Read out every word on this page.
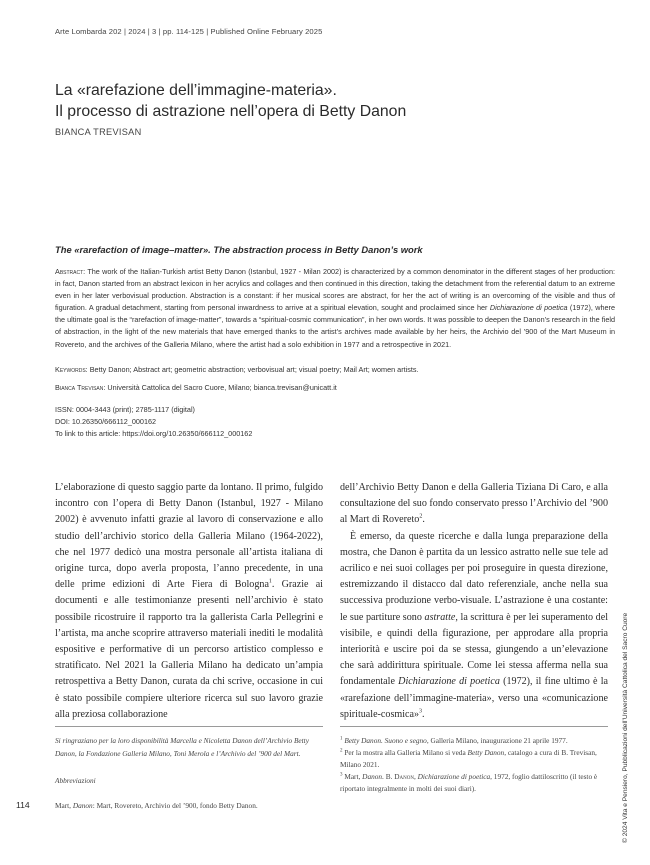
Arte Lombarda 202 | 2024 | 3 | pp. 114-125 | Published Online February 2025
La «rarefazione dell’immagine-materia».
Il processo di astrazione nell’opera di Betty Danon
BIANCA TREVISAN
The «rarefaction of image–matter». The abstraction process in Betty Danon’s work
Abstract: The work of the Italian-Turkish artist Betty Danon (Istanbul, 1927 - Milan 2002) is characterized by a common denominator in the different stages of her production: in fact, Danon started from an abstract lexicon in her acrylics and collages and then continued in this direction, taking the detachment from the referential datum to an extreme even in her later verbovisual production. Abstraction is a constant: if her musical scores are abstract, for her the act of writing is an overcoming of the visible and thus of figuration. A gradual detachment, starting from personal inwardness to arrive at a spiritual elevation, sought and proclaimed since her Dichiarazione di poetica (1972), where the ultimate goal is the “rarefaction of image-matter”, towards a “spiritual-cosmic communication”, in her own words. It was possible to deepen the Danon’s research in the field of abstraction, in the light of the new materials that have emerged thanks to the artist’s archives made available by her heirs, the Archivio del ’900 of the Mart Museum in Rovereto, and the archives of the Galleria Milano, where the artist had a solo exhibition in 1977 and a retrospective in 2021.
Keywords: Betty Danon; Abstract art; geometric abstraction; verbovisual art; visual poetry; Mail Art; women artists.
Bianca Trevisan: Università Cattolica del Sacro Cuore, Milano; bianca.trevisan@unicatt.it
ISSN: 0004-3443 (print); 2785-1117 (digital)
DOI: 10.26350/666112_000162
To link to this article: https://doi.org/10.26350/666112_000162

L’elaborazione di questo saggio parte da lontano. Il primo, fulgido incontro con l’opera di Betty Danon (Istanbul, 1927 - Milano 2002) è avvenuto infatti grazie al lavoro di conservazione e allo studio dell’archivio storico della Galleria Milano (1964-2022), che nel 1977 dedicò una mostra personale all’artista italiana di origine turca, dopo averla proposta, l’anno precedente, in una delle prime edizioni di Arte Fiera di Bologna$^1$. Grazie ai documenti e alle testimonianze presenti nell’archivio è stato possibile ricostruire il rapporto tra la gallerista Carla Pellegrini e l’artista, ma anche scoprire attraverso materiali inediti le modalità espositive e performative di un percorso artistico complesso e stratificato. Nel 2021 la Galleria Milano ha dedicato un’ampia retrospettiva a Betty Danon, curata da chi scrive, occasione in cui è stato possibile compiere ulteriore ricerca sul suo lavoro grazie alla preziosa collaborazione

dell’Archivio Betty Danon e della Galleria Tiziana Di Caro, e alla consultazione del suo fondo conservato presso l’Archivio del ’900 al Mart di Rovereto$^2$.

È emerso, da queste ricerche e dalla lunga preparazione della mostra, che Danon è partita da un lessico astratto nelle sue tele ad acrilico e nei suoi collages per poi proseguire in questa direzione, estremizzando il distacco dal dato referenziale, anche nella sua successiva produzione verbo-visuale. L’astrazione è una costante: le sue partiture sono astratte, la scrittura è per lei superamento del visibile, e quindi della figurazione, per approdare alla propria interiorità e uscire poi da se stessa, giungendo a un’elevazione che sarà addirittura spirituale. Come lei stessa afferma nella sua fondamentale Dichiarazione di poetica (1972), il fine ultimo è la «rarefazione dell’immagine-materia», verso una «comunicazione spirituale-cosmica»$^3$.

Si ringraziano per la loro disponibilità Marcella e Nicoletta Danon dell’Archivio Betty Danon, la Fondazione Galleria Milano, Toni Merola e l’Archivio del ’900 del Mart.
Abbreviazioni
Mart, Danon: Mart, Rovereto, Archivio del ’900, fondo Betty Danon.
$^1$ Betty Danon. Suono e segno, Galleria Milano, inaugurazione 21 aprile 1977.
$^2$ Per la mostra alla Galleria Milano si veda Betty Danon, catalogo a cura di B. Trevisan, Milano 2021.
$^3$ Mart, Danon. B. Danon, Dichiarazione di poetica, 1972, foglio dattiloscritto (il testo è riportato integralmente in molti dei suoi diari).
114	© 2024 Vita e Pensiero, Pubblicazioni dell’Università Cattolica del Sacro Cuore
